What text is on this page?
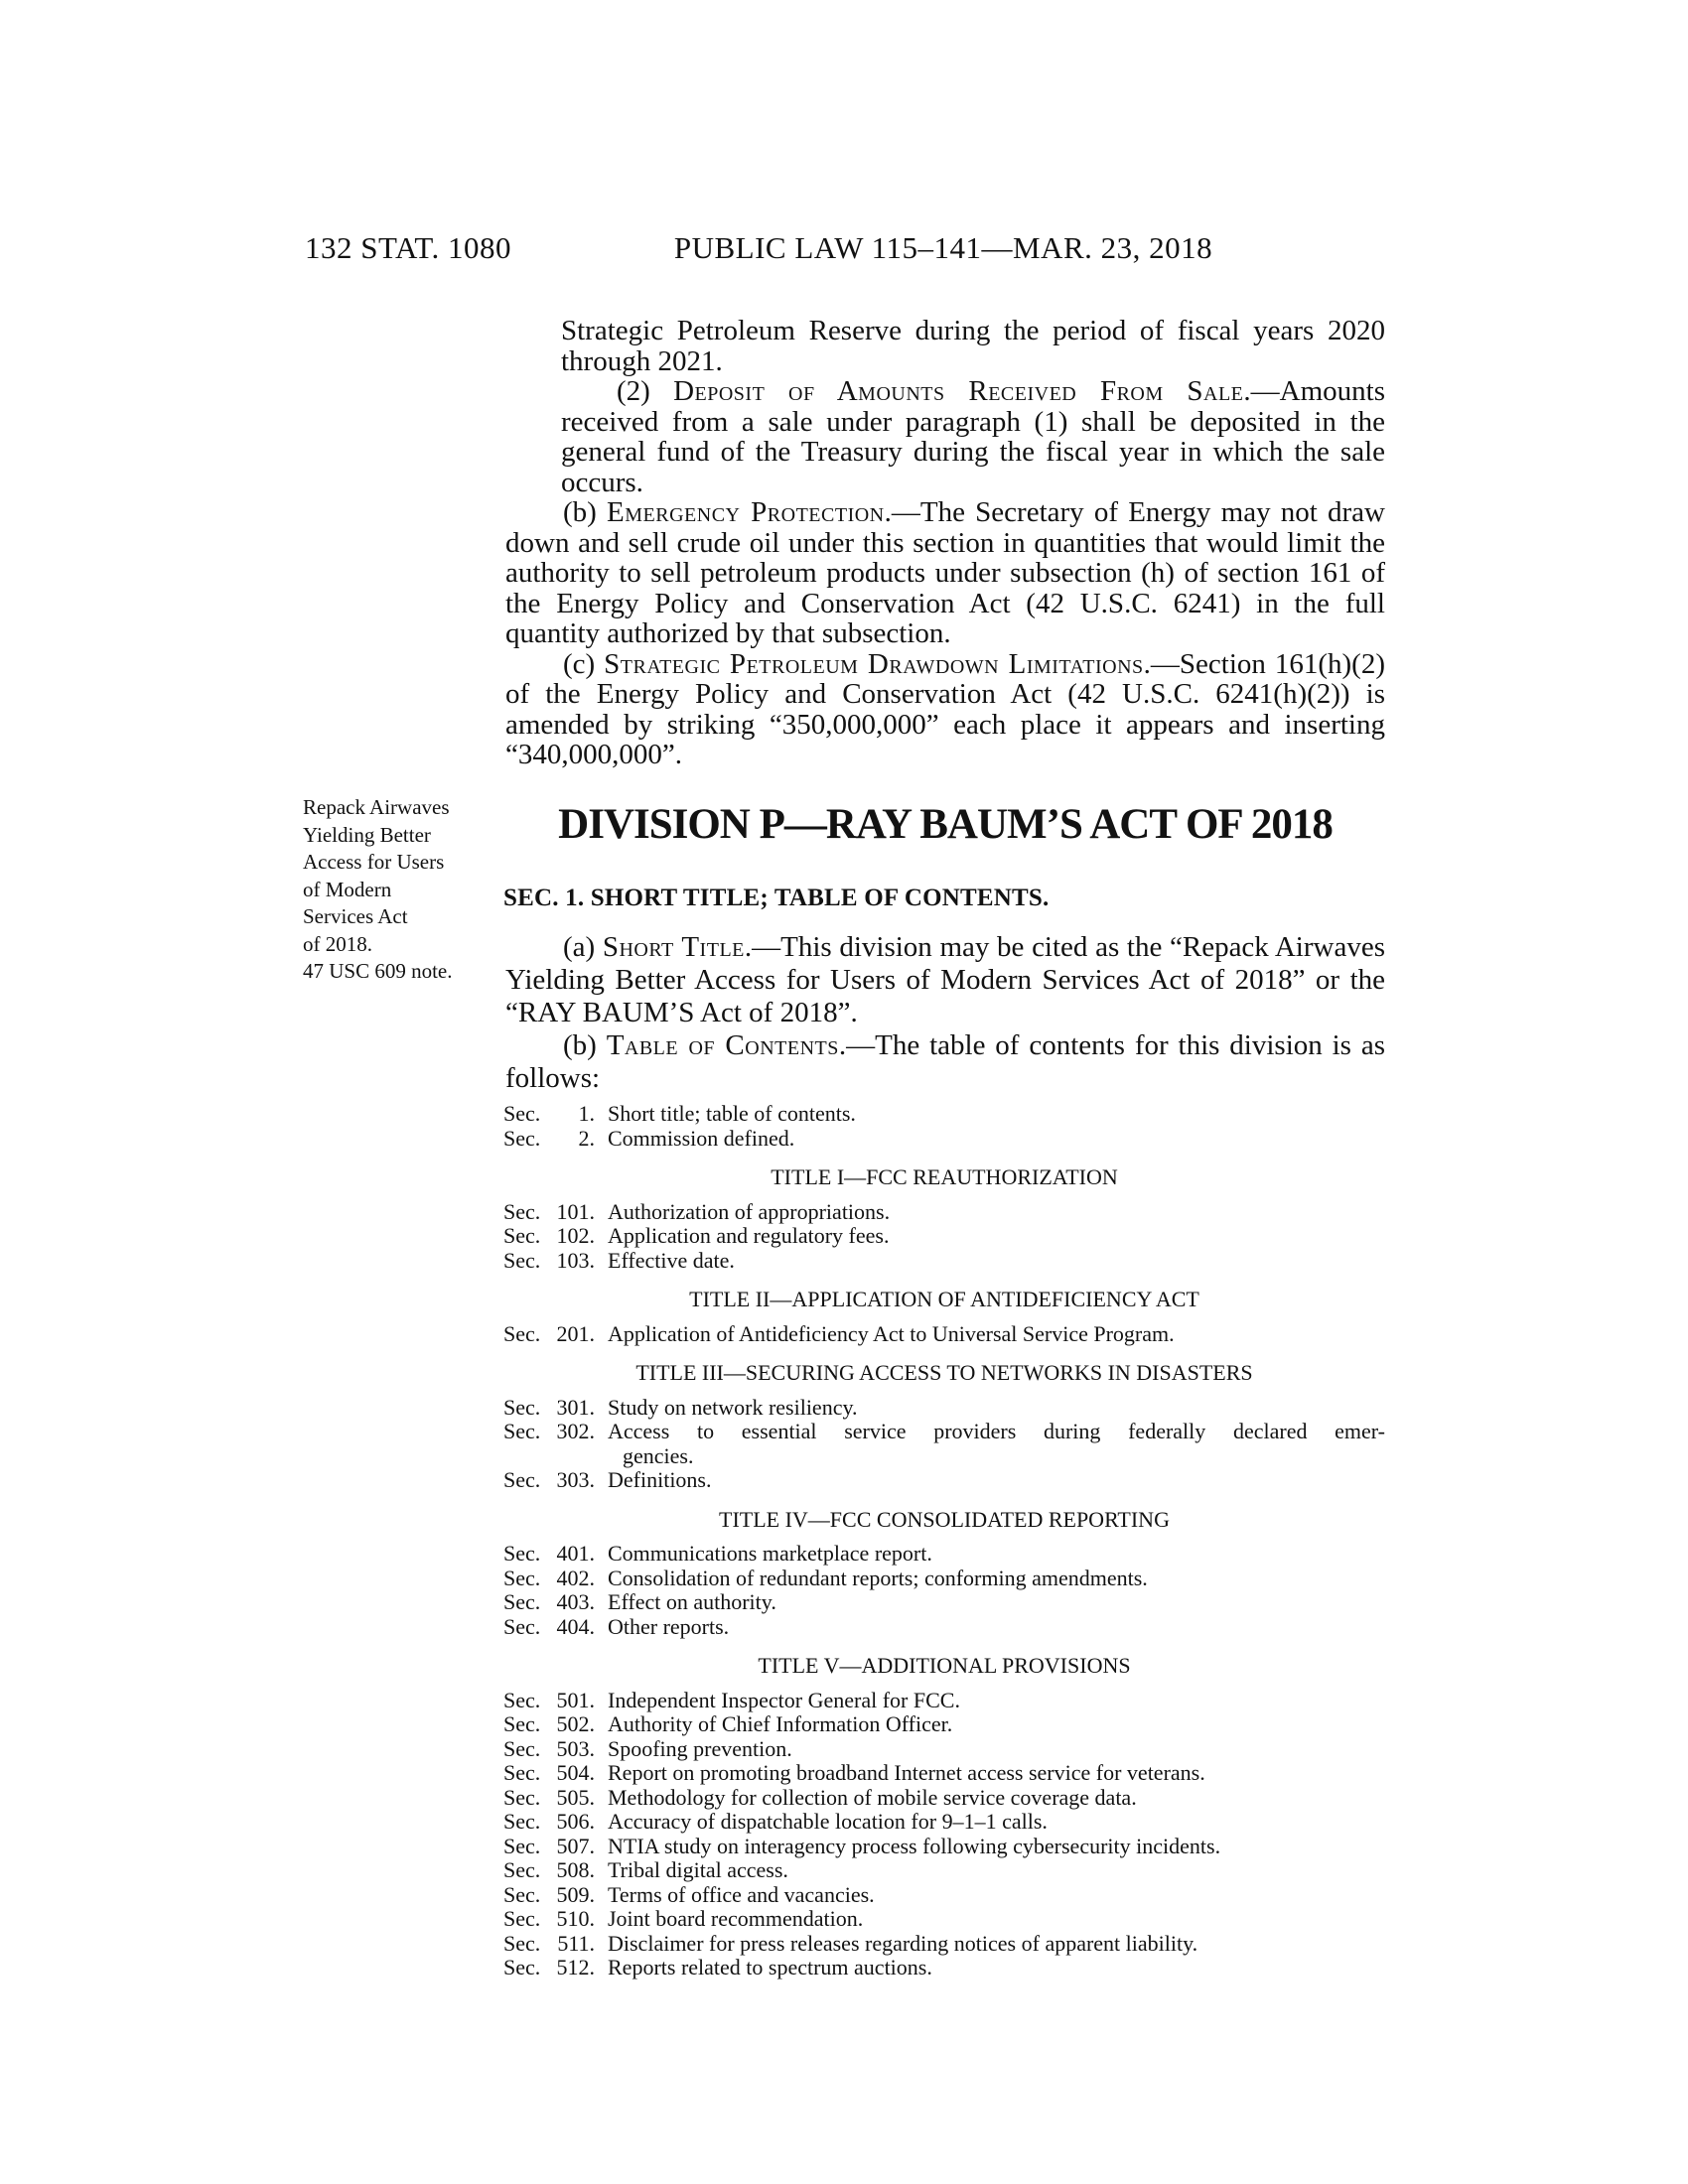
132 STAT. 1080	PUBLIC LAW 115–141—MAR. 23, 2018
Repack Airwaves
Yielding Better
Access for Users
of Modern
Services Act
of 2018.
47 USC 609 note.

Strategic Petroleum Reserve during the period of fiscal years 2020 through 2021.

(2) Deposit of Amounts Received From Sale.—Amounts received from a sale under paragraph (1) shall be deposited in the general fund of the Treasury during the fiscal year in which the sale occurs.

(b) Emergency Protection.—The Secretary of Energy may not draw down and sell crude oil under this section in quantities that would limit the authority to sell petroleum products under subsection (h) of section 161 of the Energy Policy and Conservation Act (42 U.S.C. 6241) in the full quantity authorized by that subsection.

(c) Strategic Petroleum Drawdown Limitations.—Section 161(h)(2) of the Energy Policy and Conservation Act (42 U.S.C. 6241(h)(2)) is amended by striking “350,000,000” each place it appears and inserting “340,000,000”.

DIVISION P—RAY BAUM’S ACT OF 2018
SEC. 1. SHORT TITLE; TABLE OF CONTENTS.

(a) Short Title.—This division may be cited as the “Repack Airwaves Yielding Better Access for Users of Modern Services Act of 2018” or the “RAY BAUM’S Act of 2018”.

(b) Table of Contents.—The table of contents for this division is as follows:

Sec.	1. Short title; table of contents.
Sec.	2. Commission defined.
TITLE I—FCC REAUTHORIZATION
Sec. 101. Authorization of appropriations.
Sec. 102. Application and regulatory fees.
Sec. 103. Effective date.
TITLE II—APPLICATION OF ANTIDEFICIENCY ACT
Sec. 201. Application of Antideficiency Act to Universal Service Program.
TITLE III—SECURING ACCESS TO NETWORKS IN DISASTERS
Sec. 301. Study on network resiliency.
Sec. 302. Access to essential service providers during federally declared emer-
gencies.
Sec. 303. Definitions.
TITLE IV—FCC CONSOLIDATED REPORTING
Sec. 401. Communications marketplace report.
Sec. 402. Consolidation of redundant reports; conforming amendments.
Sec. 403. Effect on authority.
Sec. 404. Other reports.
TITLE V—ADDITIONAL PROVISIONS
Sec. 501. Independent Inspector General for FCC.
Sec. 502. Authority of Chief Information Officer.
Sec. 503. Spoofing prevention.
Sec. 504. Report on promoting broadband Internet access service for veterans.
Sec. 505. Methodology for collection of mobile service coverage data.
Sec. 506. Accuracy of dispatchable location for 9–1–1 calls.
Sec. 507. NTIA study on interagency process following cybersecurity incidents.
Sec. 508. Tribal digital access.
Sec. 509. Terms of office and vacancies.
Sec. 510. Joint board recommendation.
Sec. 511. Disclaimer for press releases regarding notices of apparent liability.
Sec. 512. Reports related to spectrum auctions.
